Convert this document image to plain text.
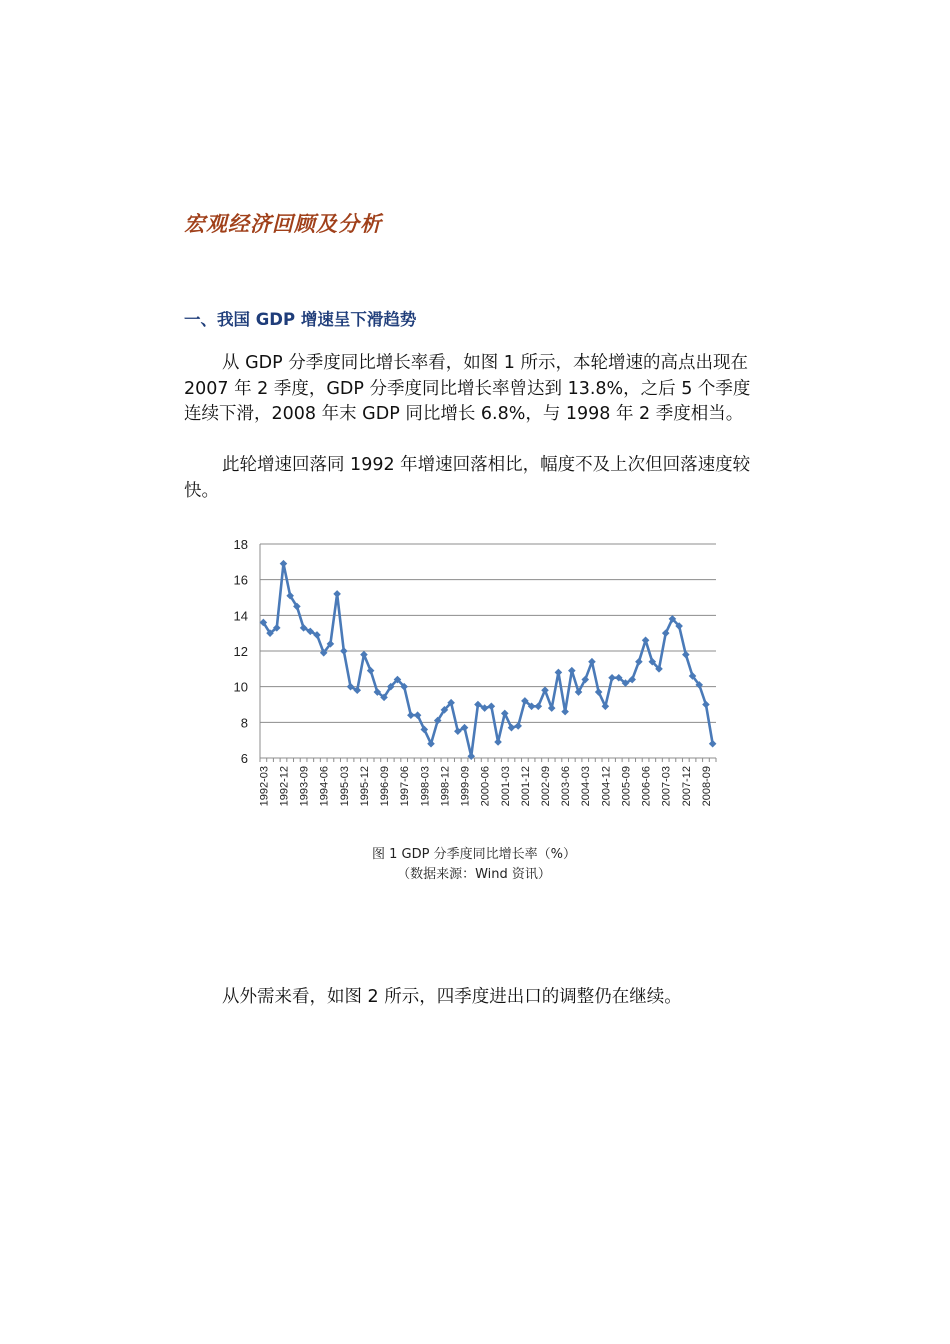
宏观经济回顾及分析
一、我国 GDP 增速呈下滑趋势

从 GDP 分季度同比增长率看，如图 1 所示，本轮增速的高点出现在 2007 年 2 季度，GDP 分季度同比增长率曾达到 13.8%，之后 5 个季度连续下滑，2008 年末 GDP 同比增长 6.8%，与 1998 年 2 季度相当。

此轮增速回落同 1992 年增速回落相比，幅度不及上次但回落速度较快。

6
8
10
12
14
16
18
1992-03 1992-12 1993-09 1994-06 1995-03 1995-12 1996-09 1997-06 1998-03 1998-12 1999-09 2000-06 2001-03 2001-12 2002-09 2003-06 2004-03 2004-12 2005-09 2006-06 2007-03 2007-12 2008-09
图 1 GDP 分季度同比增长率（%）
（数据来源：Wind 资讯）

从外需来看，如图 2 所示，四季度进出口的调整仍在继续。
